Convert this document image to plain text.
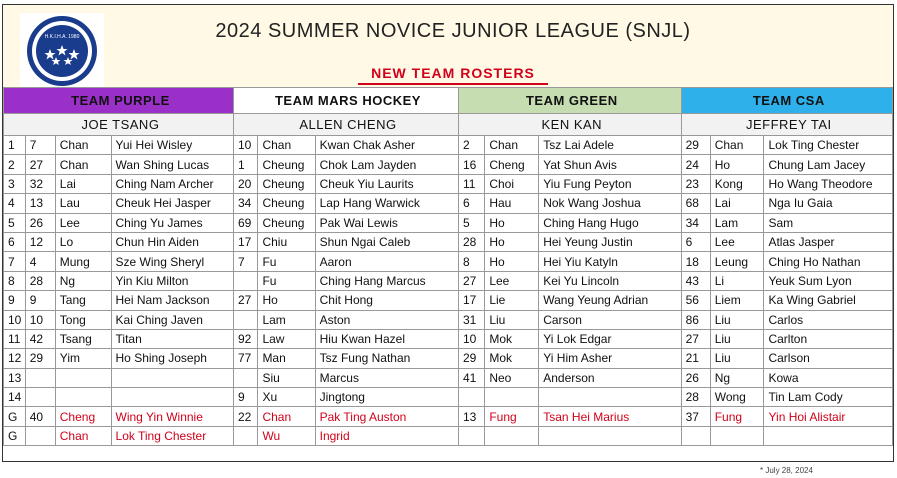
H.K.I.H.A. 1980	2024 SUMMER NOVICE JUNIOR LEAGUE (SNJL)
NEW TEAM ROSTERS
TEAM PURPLE				TEAM MARS HOCKEY			TEAM GREEN			TEAM CSA		
JOE TSANG				ALLEN CHENG			KEN KAN			JEFFREY TAI		
1	7	Chan	Yui Hei Wisley	10	Chan	Kwan Chak Asher	2	Chan	Tsz Lai Adele	29	Chan	Lok Ting Chester
2	27	Chan	Wan Shing Lucas	1	Cheung	Chok Lam Jayden	16	Cheng	Yat Shun Avis	24	Ho	Chung Lam Jacey
3	32	Lai	Ching Nam Archer	20	Cheung	Cheuk Yiu Laurits	11	Choi	Yiu Fung Peyton	23	Kong	Ho Wang Theodore
4	13	Lau	Cheuk Hei Jasper	34	Cheung	Lap Hang Warwick	6	Hau	Nok Wang Joshua	68	Lai	Nga Iu Gaia
5	26	Lee	Ching Yu James	69	Cheung	Pak Wai Lewis	5	Ho	Ching Hang Hugo	34	Lam	Sam
6	12	Lo	Chun Hin Aiden	17	Chiu	Shun Ngai Caleb	28	Ho	Hei Yeung Justin	6	Lee	Atlas Jasper
7	4	Mung	Sze Wing Sheryl	7	Fu	Aaron	8	Ho	Hei Yiu Katyln	18	Leung	Ching Ho Nathan
8	28	Ng	Yin Kiu Milton		Fu	Ching Hang Marcus	27	Lee	Kei Yu Lincoln	43	Li	Yeuk Sum Lyon
9	9	Tang	Hei Nam Jackson	27	Ho	Chit Hong	17	Lie	Wang Yeung Adrian	56	Liem	Ka Wing Gabriel
10	10	Tong	Kai Ching Javen		Lam	Aston	31	Liu	Carson	86	Liu	Carlos
11	42	Tsang	Titan	92	Law	Hiu Kwan Hazel	10	Mok	Yi Lok Edgar	27	Liu	Carlton
12	29	Yim	Ho Shing Joseph	77	Man	Tsz Fung Nathan	29	Mok	Yi Him Asher	21	Liu	Carlson
13					Siu	Marcus	41	Neo	Anderson	26	Ng	Kowa
14				9	Xu	Jingtong				28	Wong	Tin Lam Cody
G	40	Cheng	Wing Yin Winnie	22	Chan	Pak Ting Auston	13	Fung	Tsan Hei Marius	37	Fung	Yin Hoi Alistair
G		Chan	Lok Ting Chester		Wu	Ingrid						
* July 28, 2024
